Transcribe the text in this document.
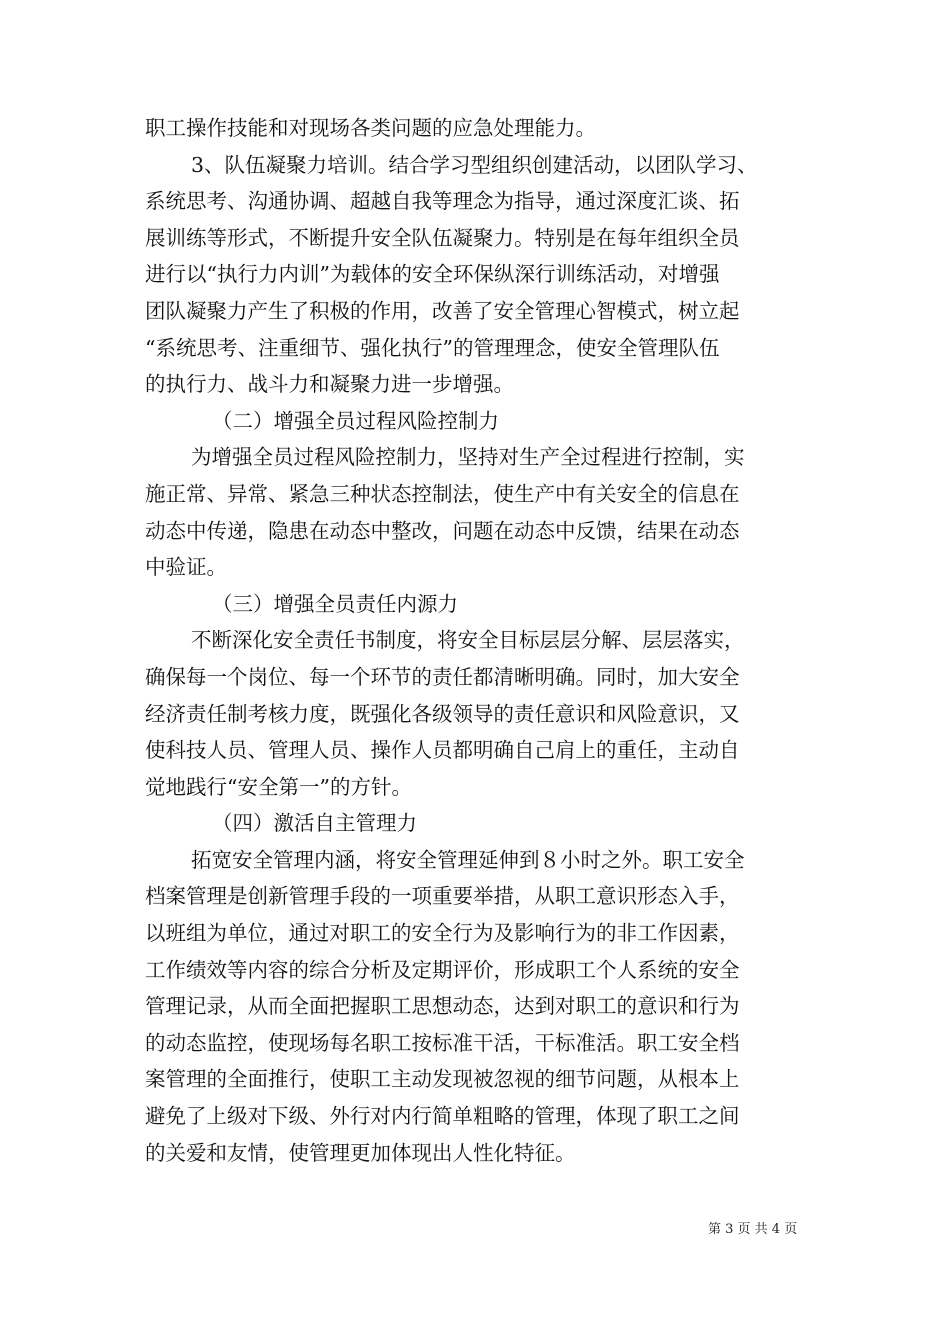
职工操作技能和对现场各类问题的应急处理能力。
3、队伍凝聚力培训。结合学习型组织创建活动，以团队学习、
系统思考、沟通协调、超越自我等理念为指导，通过深度汇谈、拓
展训练等形式，不断提升安全队伍凝聚力。特别是在每年组织全员
进行以“执行力内训”为载体的安全环保纵深行训练活动，对增强
团队凝聚力产生了积极的作用，改善了安全管理心智模式，树立起
“系统思考、注重细节、强化执行”的管理理念，使安全管理队伍
的执行力、战斗力和凝聚力进一步增强。
（二）增强全员过程风险控制力
为增强全员过程风险控制力，坚持对生产全过程进行控制，实
施正常、异常、紧急三种状态控制法，使生产中有关安全的信息在
动态中传递，隐患在动态中整改，问题在动态中反馈，结果在动态
中验证。
（三）增强全员责任内源力
不断深化安全责任书制度，将安全目标层层分解、层层落实，
确保每一个岗位、每一个环节的责任都清晰明确。同时，加大安全
经济责任制考核力度，既强化各级领导的责任意识和风险意识，又
使科技人员、管理人员、操作人员都明确自己肩上的重任，主动自
觉地践行“安全第一”的方针。
（四）激活自主管理力
拓宽安全管理内涵，将安全管理延伸到８小时之外。职工安全
档案管理是创新管理手段的一项重要举措，从职工意识形态入手，
以班组为单位，通过对职工的安全行为及影响行为的非工作因素，
工作绩效等内容的综合分析及定期评价，形成职工个人系统的安全
管理记录，从而全面把握职工思想动态，达到对职工的意识和行为
的动态监控，使现场每名职工按标准干活，干标准活。职工安全档
案管理的全面推行，使职工主动发现被忽视的细节问题，从根本上
避免了上级对下级、外行对内行简单粗略的管理，体现了职工之间
的关爱和友情，使管理更加体现出人性化特征。
第 3 页 共 4 页
